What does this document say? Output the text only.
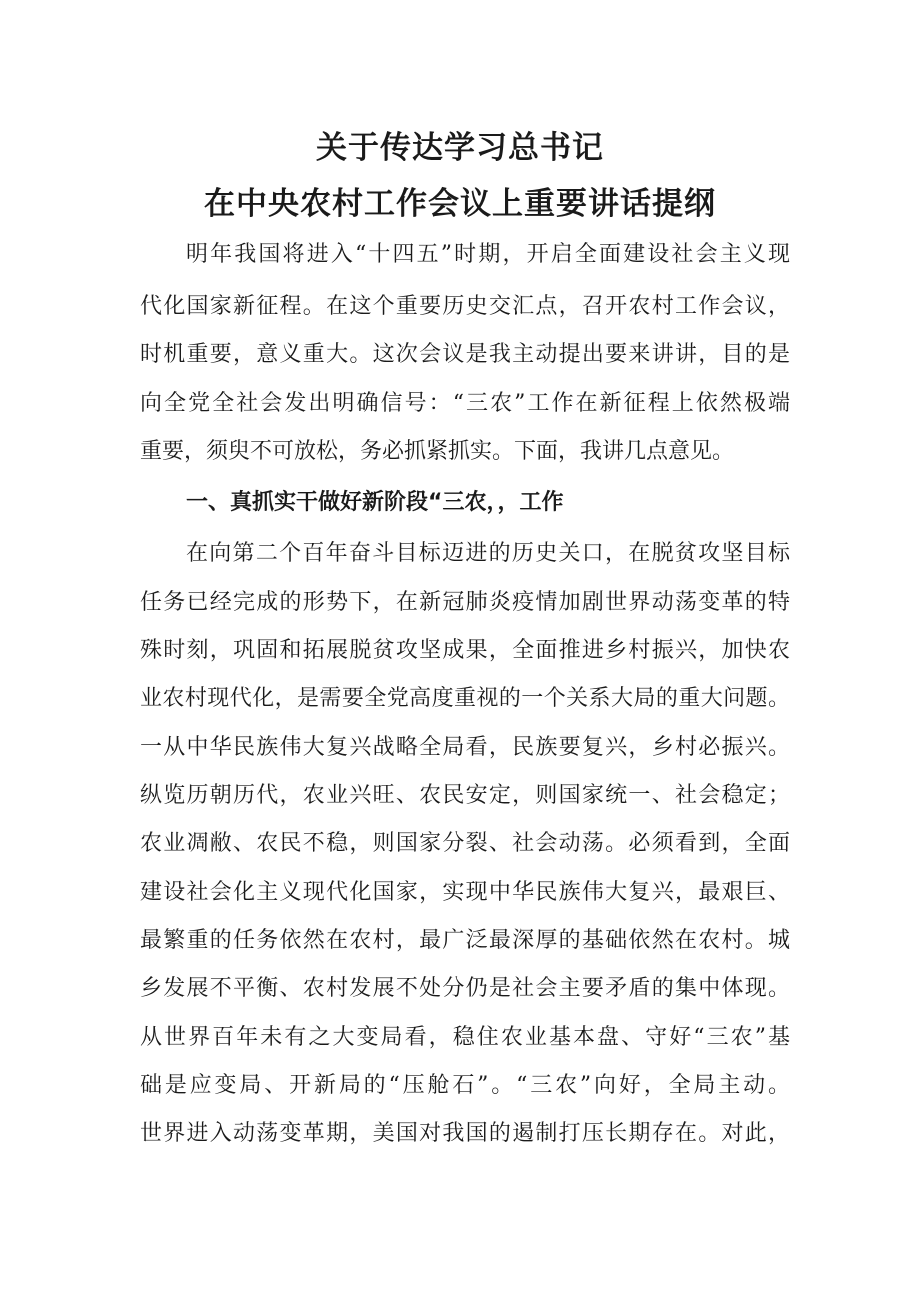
关于传达学习总书记
在中央农村工作会议上重要讲话提纲
明年我国将进入“十四五”时期，开启全面建设社会主义现
代化国家新征程。在这个重要历史交汇点，召开农村工作会议，
时机重要，意义重大。这次会议是我主动提出要来讲讲，目的是
向全党全社会发出明确信号：“三农”工作在新征程上依然极端
重要，须臾不可放松，务必抓紧抓实。下面，我讲几点意见。
一、真抓实干做好新阶段“三农，，工作
在向第二个百年奋斗目标迈进的历史关口，在脱贫攻坚目标
任务已经完成的形势下，在新冠肺炎疫情加剧世界动荡变革的特
殊时刻，巩固和拓展脱贫攻坚成果，全面推进乡村振兴，加快农
业农村现代化，是需要全党高度重视的一个关系大局的重大问题。
一从中华民族伟大复兴战略全局看，民族要复兴，乡村必振兴。
纵览历朝历代，农业兴旺、农民安定，则国家统一、社会稳定；
农业凋敝、农民不稳，则国家分裂、社会动荡。必须看到，全面
建设社会化主义现代化国家，实现中华民族伟大复兴，最艰巨、
最繁重的任务依然在农村，最广泛最深厚的基础依然在农村。城
乡发展不平衡、农村发展不处分仍是社会主要矛盾的集中体现。
从世界百年未有之大变局看，稳住农业基本盘、守好“三农”基
础是应变局、开新局的“压舱石”。“三农”向好，全局主动。
世界进入动荡变革期，美国对我国的遏制打压长期存在。对此，
